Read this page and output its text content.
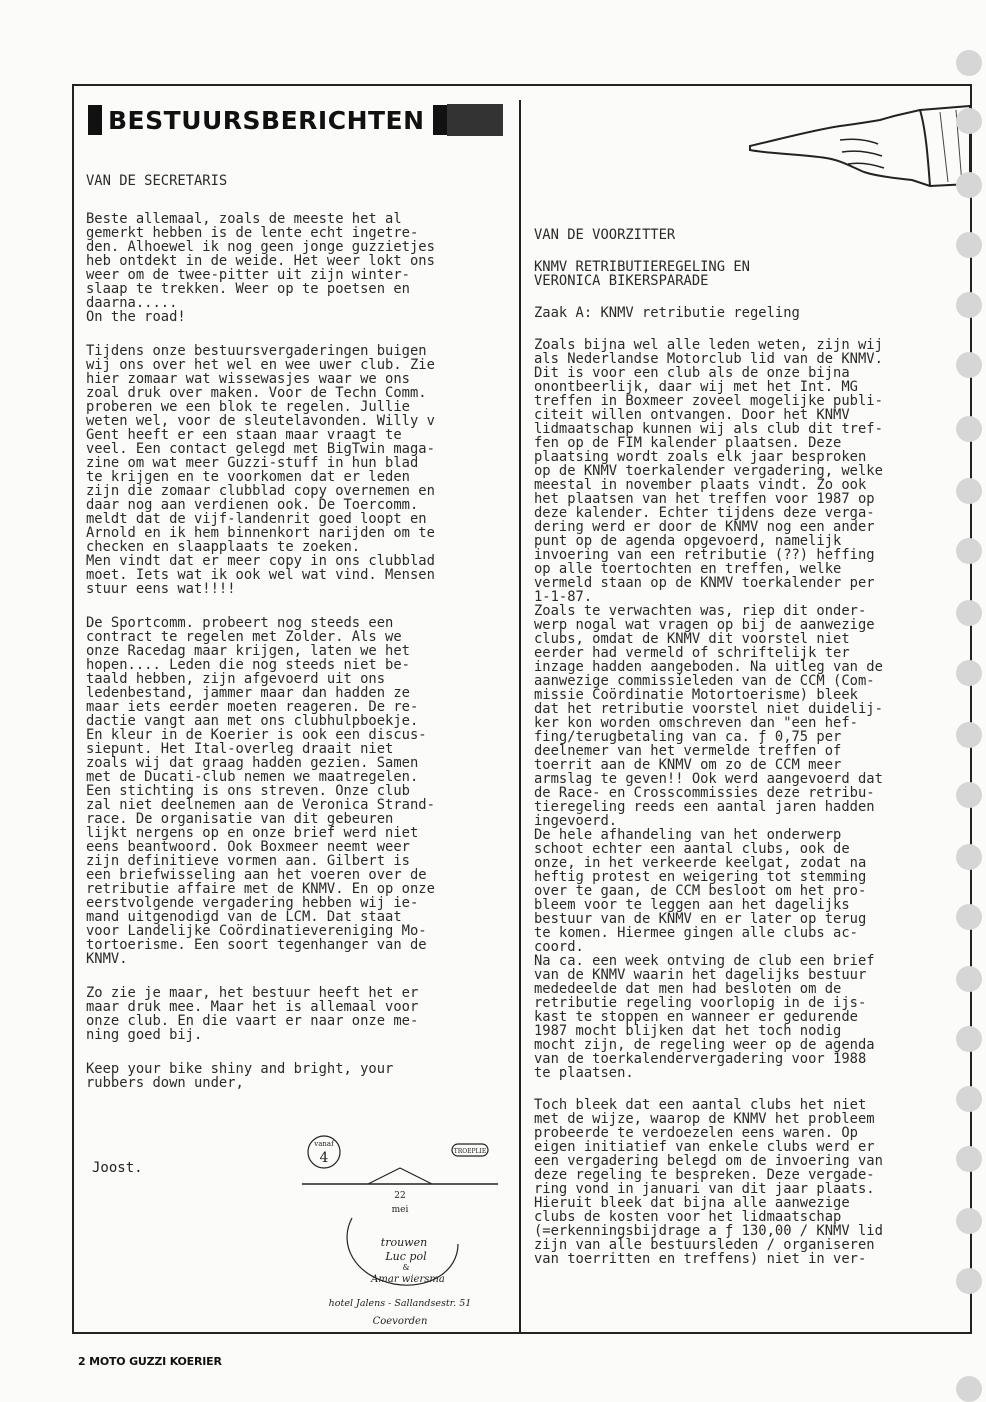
BESTUURSBERICHTEN

VAN DE SECRETARIS

Beste allemaal, zoals de meeste het al
gemerkt hebben is de lente echt ingetre-
den. Alhoewel ik nog geen jonge guzzietjes
heb ontdekt in de weide. Het weer lokt ons
weer om de twee-pitter uit zijn winter-
slaap te trekken. Weer op te poetsen en
daarna.....
On the road!

Tijdens onze bestuursvergaderingen buigen
wij ons over het wel en wee uwer club. Zie
hier zomaar wat wissewasjes waar we ons
zoal druk over maken. Voor de Techn Comm.
proberen we een blok te regelen. Jullie
weten wel, voor de sleutelavonden. Willy v
Gent heeft er een staan maar vraagt te
veel. Een contact gelegd met BigTwin maga-
zine om wat meer Guzzi-stuff in hun blad
te krijgen en te voorkomen dat er leden
zijn die zomaar clubblad copy overnemen en
daar nog aan verdienen ook. De Toercomm.
meldt dat de vijf-landenrit goed loopt en
Arnold en ik hem binnenkort narijden om te
checken en slaapplaats te zoeken.
Men vindt dat er meer copy in ons clubblad
moet. Iets wat ik ook wel wat vind. Mensen
stuur eens wat!!!!

De Sportcomm. probeert nog steeds een
contract te regelen met Zolder. Als we
onze Racedag maar krijgen, laten we het
hopen.... Leden die nog steeds niet be-
taald hebben, zijn afgevoerd uit ons
ledenbestand, jammer maar dan hadden ze
maar iets eerder moeten reageren. De re-
dactie vangt aan met ons clubhulpboekje.
En kleur in de Koerier is ook een discus-
siepunt. Het Ital-overleg draait niet
zoals wij dat graag hadden gezien. Samen
met de Ducati-club nemen we maatregelen.
Een stichting is ons streven. Onze club
zal niet deelnemen aan de Veronica Strand-
race. De organisatie van dit gebeuren
lijkt nergens op en onze brief werd niet
eens beantwoord. Ook Boxmeer neemt weer
zijn definitieve vormen aan. Gilbert is
een briefwisseling aan het voeren over de
retributie affaire met de KNMV. En op onze
eerstvolgende vergadering hebben wij ie-
mand uitgenodigd van de LCM. Dat staat
voor Landelijke Coördinatievereniging Mo-
tortoerisme. Een soort tegenhanger van de
KNMV.

Zo zie je maar, het bestuur heeft het er
maar druk mee. Maar het is allemaal voor
onze club. En die vaart er naar onze me-
ning goed bij.

Keep your bike shiny and bright, your
rubbers down under,

Joost.
vanaf
4	TROEPLIE
22
mei
trouwen
Luc pol
&
Amar wiersma
hotel Jalens - Sallandsestr. 51
Coevorden

VAN DE VOORZITTER

KNMV RETRIBUTIEREGELING EN
VERONICA BIKERSPARADE

Zaak A: KNMV retributie regeling

Zoals bijna wel alle leden weten, zijn wij
als Nederlandse Motorclub lid van de KNMV.
Dit is voor een club als de onze bijna
onontbeerlijk, daar wij met het Int. MG
treffen in Boxmeer zoveel mogelijke publi-
citeit willen ontvangen. Door het KNMV
lidmaatschap kunnen wij als club dit tref-
fen op de FIM kalender plaatsen. Deze
plaatsing wordt zoals elk jaar besproken
op de KNMV toerkalender vergadering, welke
meestal in november plaats vindt. Zo ook
het plaatsen van het treffen voor 1987 op
deze kalender. Echter tijdens deze verga-
dering werd er door de KNMV nog een ander
punt op de agenda opgevoerd, namelijk
invoering van een retributie (??) heffing
op alle toertochten en treffen, welke
vermeld staan op de KNMV toerkalender per
1-1-87.

Zoals te verwachten was, riep dit onder-
werp nogal wat vragen op bij de aanwezige
clubs, omdat de KNMV dit voorstel niet
eerder had vermeld of schriftelijk ter
inzage hadden aangeboden. Na uitleg van de
aanwezige commissieleden van de CCM (Com-
missie Coördinatie Motortoerisme) bleek
dat het retributie voorstel niet duidelij-
ker kon worden omschreven dan "een hef-
fing/terugbetaling van ca. ƒ 0,75 per
deelnemer van het vermelde treffen of
toerrit aan de KNMV om zo de CCM meer
armslag te geven!! Ook werd aangevoerd dat
de Race- en Crosscommissies deze retribu-
tieregeling reeds een aantal jaren hadden
ingevoerd.

De hele afhandeling van het onderwerp
schoot echter een aantal clubs, ook de
onze, in het verkeerde keelgat, zodat na
heftig protest en weigering tot stemming
over te gaan, de CCM besloot om het pro-
bleem voor te leggen aan het dagelijks
bestuur van de KNMV en er later op terug
te komen. Hiermee gingen alle clubs ac-
coord.

Na ca. een week ontving de club een brief
van de KNMV waarin het dagelijks bestuur
mededeelde dat men had besloten om de
retributie regeling voorlopig in de ijs-
kast te stoppen en wanneer er gedurende
1987 mocht blijken dat het toch nodig
mocht zijn, de regeling weer op de agenda
van de toerkalendervergadering voor 1988
te plaatsen.

Toch bleek dat een aantal clubs het niet
met de wijze, waarop de KNMV het probleem
probeerde te verdoezelen eens waren. Op
eigen initiatief van enkele clubs werd er
een vergadering belegd om de invoering van
deze regeling te bespreken. Deze vergade-
ring vond in januari van dit jaar plaats.
Hieruit bleek dat bijna alle aanwezige
clubs de kosten voor het lidmaatschap
(=erkenningsbijdrage a ƒ 130,00 / KNMV lid
zijn van alle bestuursleden / organiseren
van toerritten en treffens) niet in ver-

2 MOTO GUZZI KOERIER
